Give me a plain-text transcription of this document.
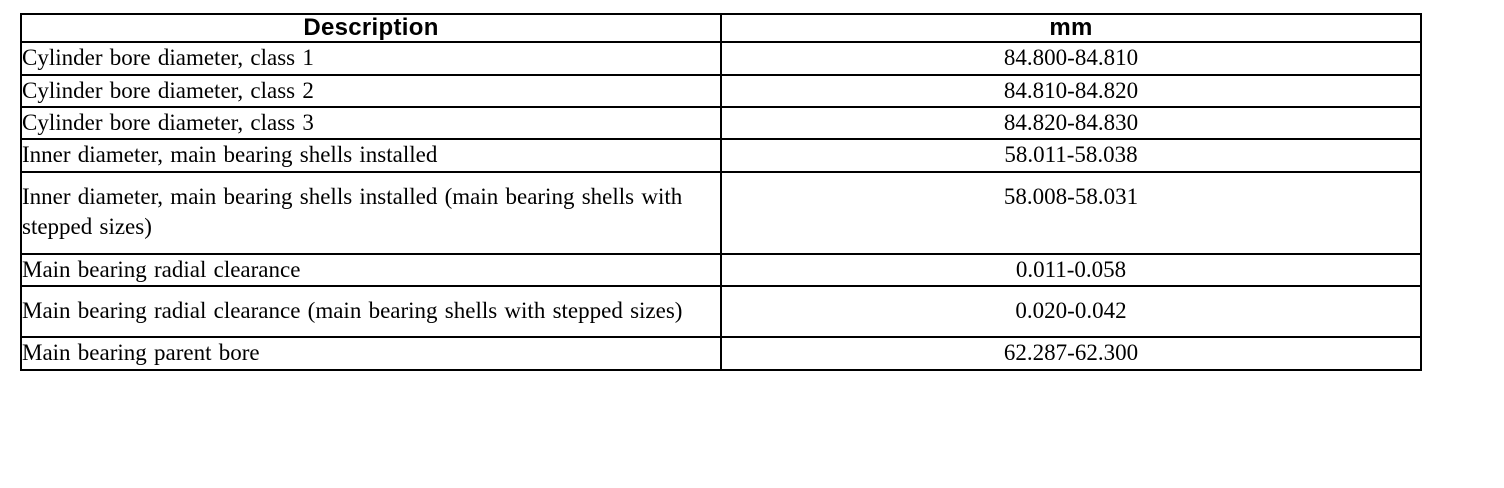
Description	mm
Cylinder bore diameter, class 1	84.800-84.810
Cylinder bore diameter, class 2	84.810-84.820
Cylinder bore diameter, class 3	84.820-84.830
Inner diameter, main bearing shells installed	58.011-58.038
Inner diameter, main bearing shells installed (main bearing shells with stepped sizes)	58.008-58.031
Main bearing radial clearance	0.011-0.058
Main bearing radial clearance (main bearing shells with stepped sizes)	0.020-0.042
Main bearing parent bore	62.287-62.300
